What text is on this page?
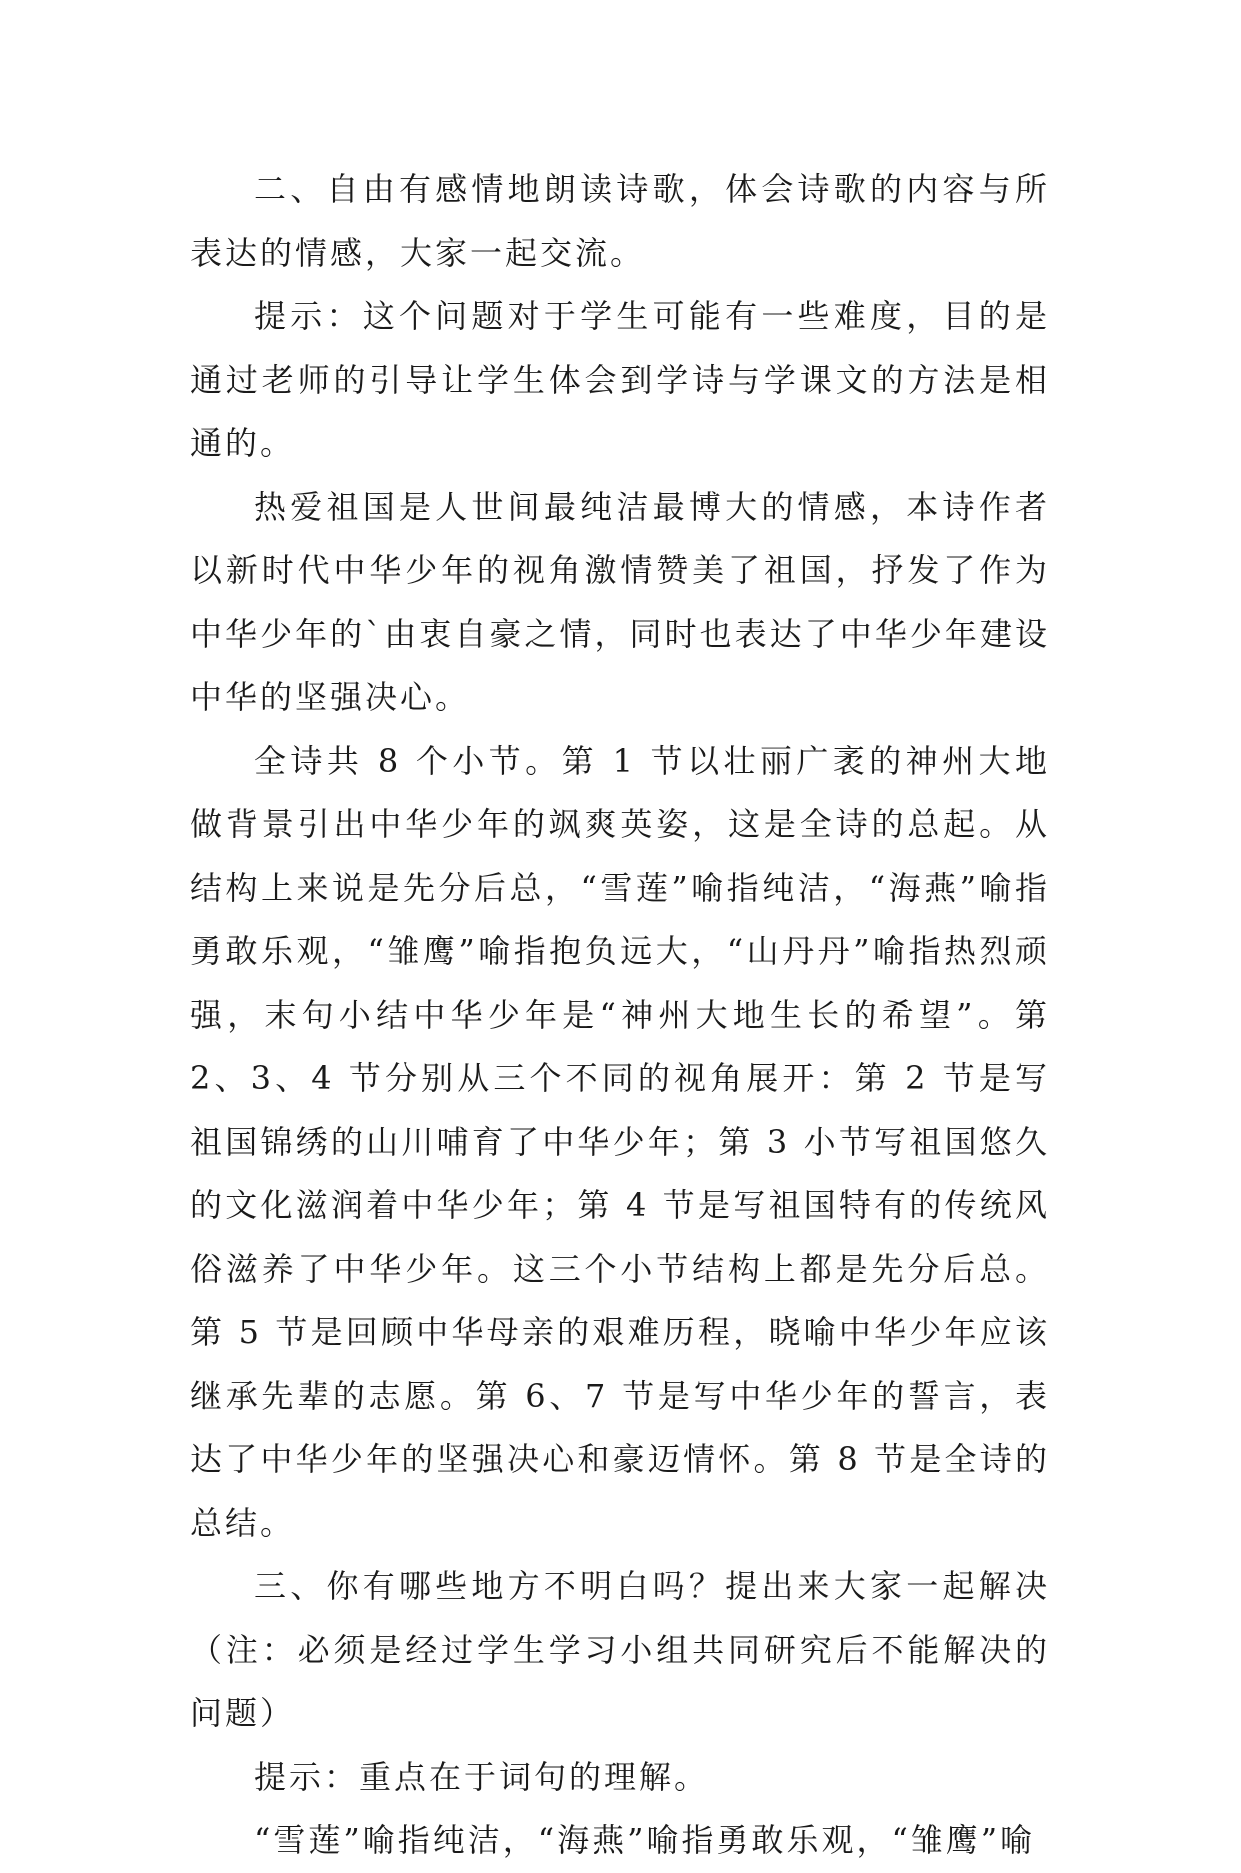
二、自由有感情地朗读诗歌，体会诗歌的内容与所表达的情感，大家一起交流。

提示：这个问题对于学生可能有一些难度，目的是通过老师的引导让学生体会到学诗与学课文的方法是相通的。

热爱祖国是人世间最纯洁最博大的情感，本诗作者以新时代中华少年的视角激情赞美了祖国，抒发了作为中华少年的`由衷自豪之情，同时也表达了中华少年建设中华的坚强决心。

全诗共 8 个小节。第 1 节以壮丽广袤的神州大地做背景引出中华少年的飒爽英姿，这是全诗的总起。从结构上来说是先分后总，“雪莲”喻指纯洁，“海燕”喻指勇敢乐观，“雏鹰”喻指抱负远大，“山丹丹”喻指热烈顽强，末句小结中华少年是“神州大地生长的希望”。第 2、3、4 节分别从三个不同的视角展开：第 2 节是写祖国锦绣的山川哺育了中华少年；第 3 小节写祖国悠久的文化滋润着中华少年；第 4 节是写祖国特有的传统风俗滋养了中华少年。这三个小节结构上都是先分后总。第 5 节是回顾中华母亲的艰难历程，晓喻中华少年应该继承先辈的志愿。第 6、7 节是写中华少年的誓言，表达了中华少年的坚强决心和豪迈情怀。第 8 节是全诗的总结。

三、你有哪些地方不明白吗？提出来大家一起解决（注：必须是经过学生学习小组共同研究后不能解决的问题）

提示：重点在于词句的理解。

“雪莲”喻指纯洁，“海燕”喻指勇敢乐观，“雏鹰”喻
